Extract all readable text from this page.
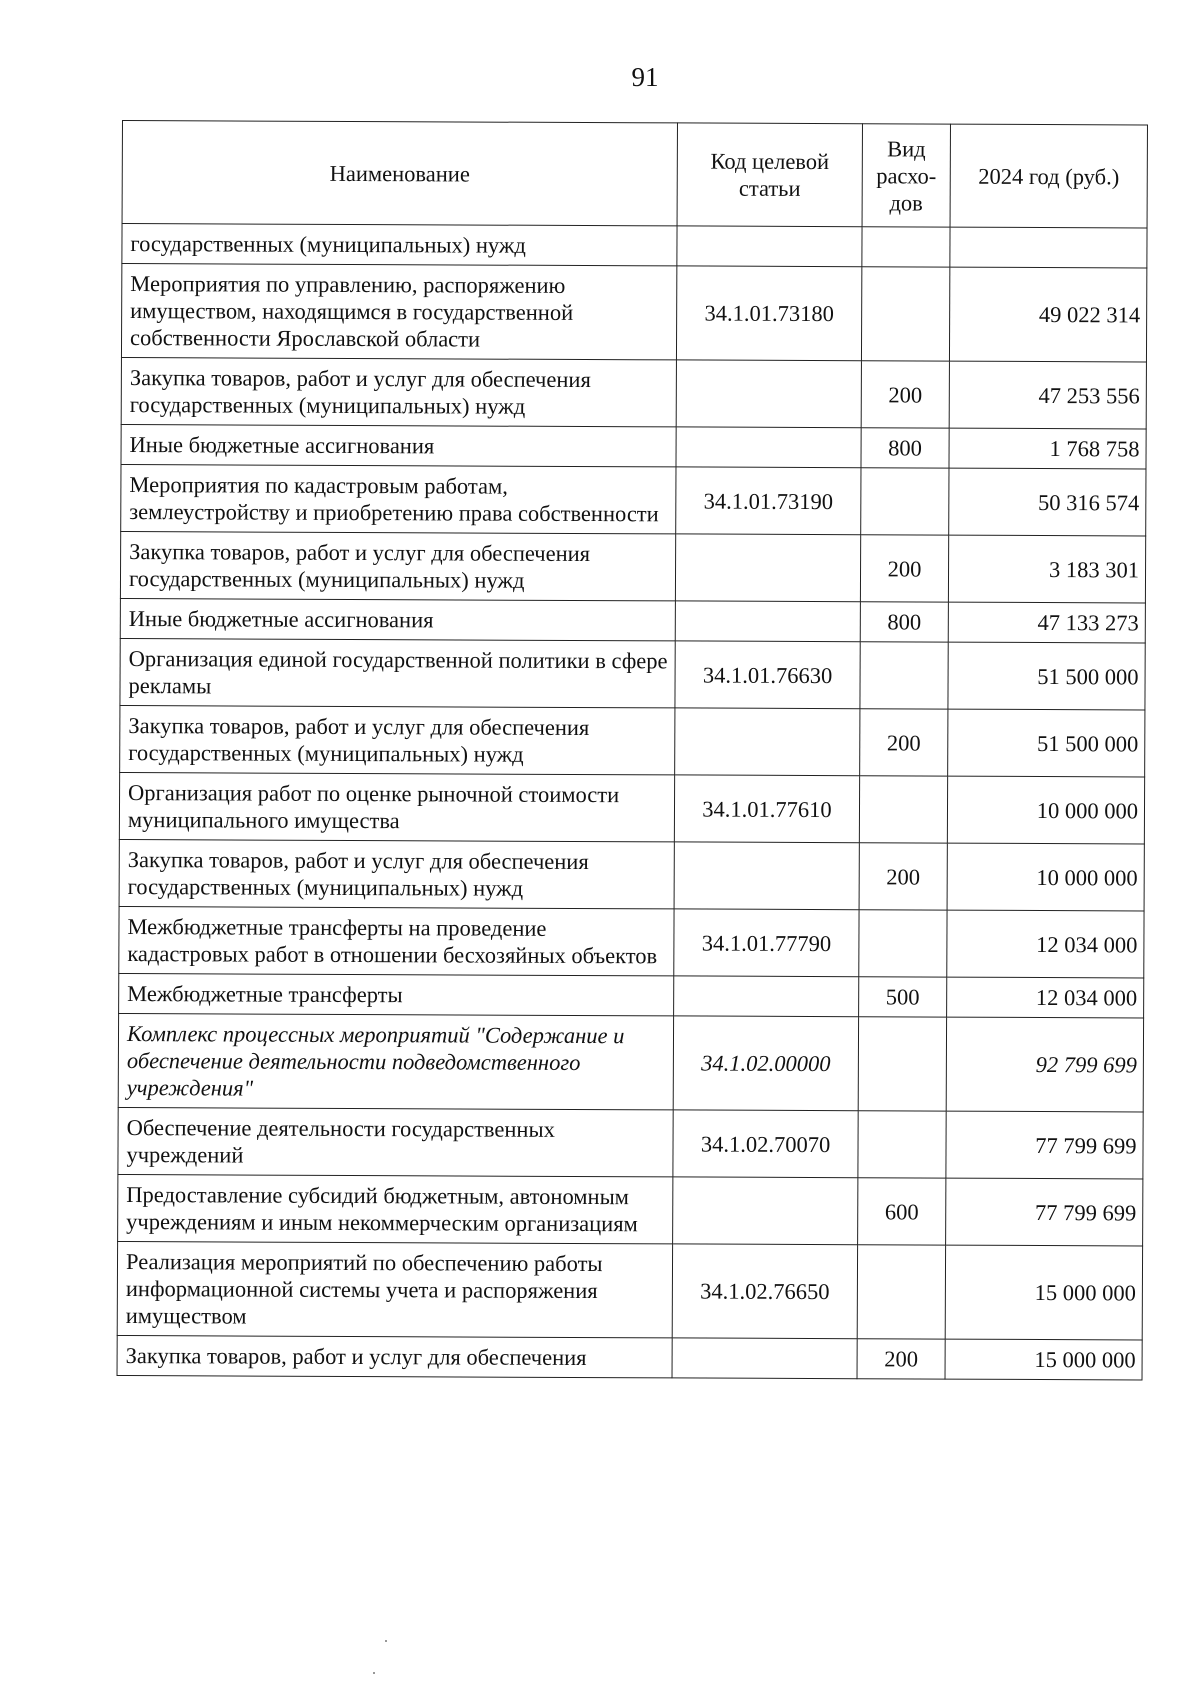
91
Наименование	Код целевой статьи	Вид расхо-дов	2024 год (руб.)
государственных (муниципальных) нужд			
Мероприятия по управлению, распоряжению имуществом, находящимся в государственной собственности Ярославской области	34.1.01.73180		49 022 314
Закупка товаров, работ и услуг для обеспечения государственных (муниципальных) нужд		200	47 253 556
Иные бюджетные ассигнования		800	1 768 758
Мероприятия по кадастровым работам, землеустройству и приобретению права собственности	34.1.01.73190		50 316 574
Закупка товаров, работ и услуг для обеспечения государственных (муниципальных) нужд		200	3 183 301
Иные бюджетные ассигнования		800	47 133 273
Организация единой государственной политики в сфере рекламы	34.1.01.76630		51 500 000
Закупка товаров, работ и услуг для обеспечения государственных (муниципальных) нужд		200	51 500 000
Организация работ по оценке рыночной стоимости муниципального имущества	34.1.01.77610		10 000 000
Закупка товаров, работ и услуг для обеспечения государственных (муниципальных) нужд		200	10 000 000
Межбюджетные трансферты на проведение кадастровых работ в отношении бесхозяйных объектов	34.1.01.77790		12 034 000
Межбюджетные трансферты		500	12 034 000
Комплекс процессных мероприятий "Содержание и обеспечение деятельности подведомственного учреждения"	34.1.02.00000		92 799 699
Обеспечение деятельности государственных учреждений	34.1.02.70070		77 799 699
Предоставление субсидий бюджетным, автономным учреждениям и иным некоммерческим организациям		600	77 799 699
Реализация мероприятий по обеспечению работы информационной системы учета и распоряжения имуществом	34.1.02.76650		15 000 000
Закупка товаров, работ и услуг для обеспечения		200	15 000 000
